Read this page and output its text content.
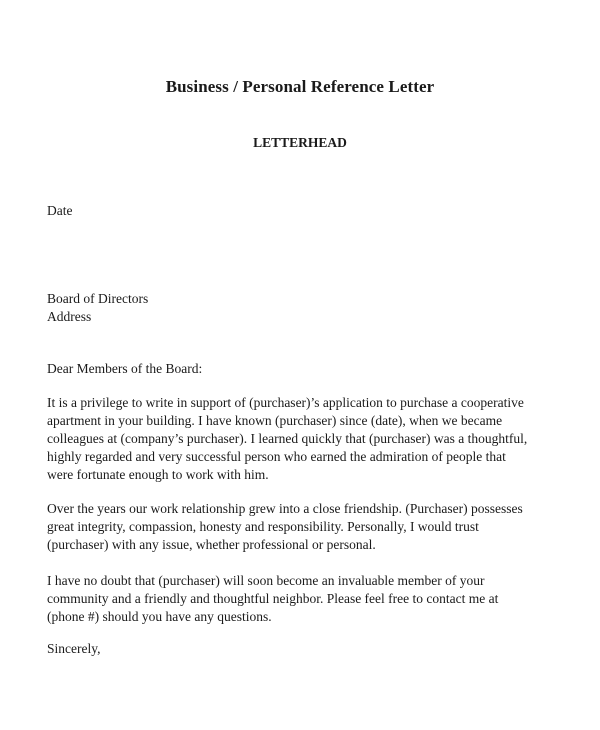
Business / Personal Reference Letter
LETTERHEAD
Date
Board of Directors
Address
Dear Members of the Board:
It is a privilege to write in support of (purchaser)’s application to purchase a cooperative
apartment in your building. I have known (purchaser) since (date), when we became
colleagues at (company’s purchaser). I learned quickly that (purchaser) was a thoughtful,
highly regarded and very successful person who earned the admiration of people that
were fortunate enough to work with him.
Over the years our work relationship grew into a close friendship. (Purchaser) possesses
great integrity, compassion, honesty and responsibility. Personally, I would trust
(purchaser) with any issue, whether professional or personal.
I have no doubt that (purchaser) will soon become an invaluable member of your
community and a friendly and thoughtful neighbor. Please feel free to contact me at
(phone #) should you have any questions.
Sincerely,
